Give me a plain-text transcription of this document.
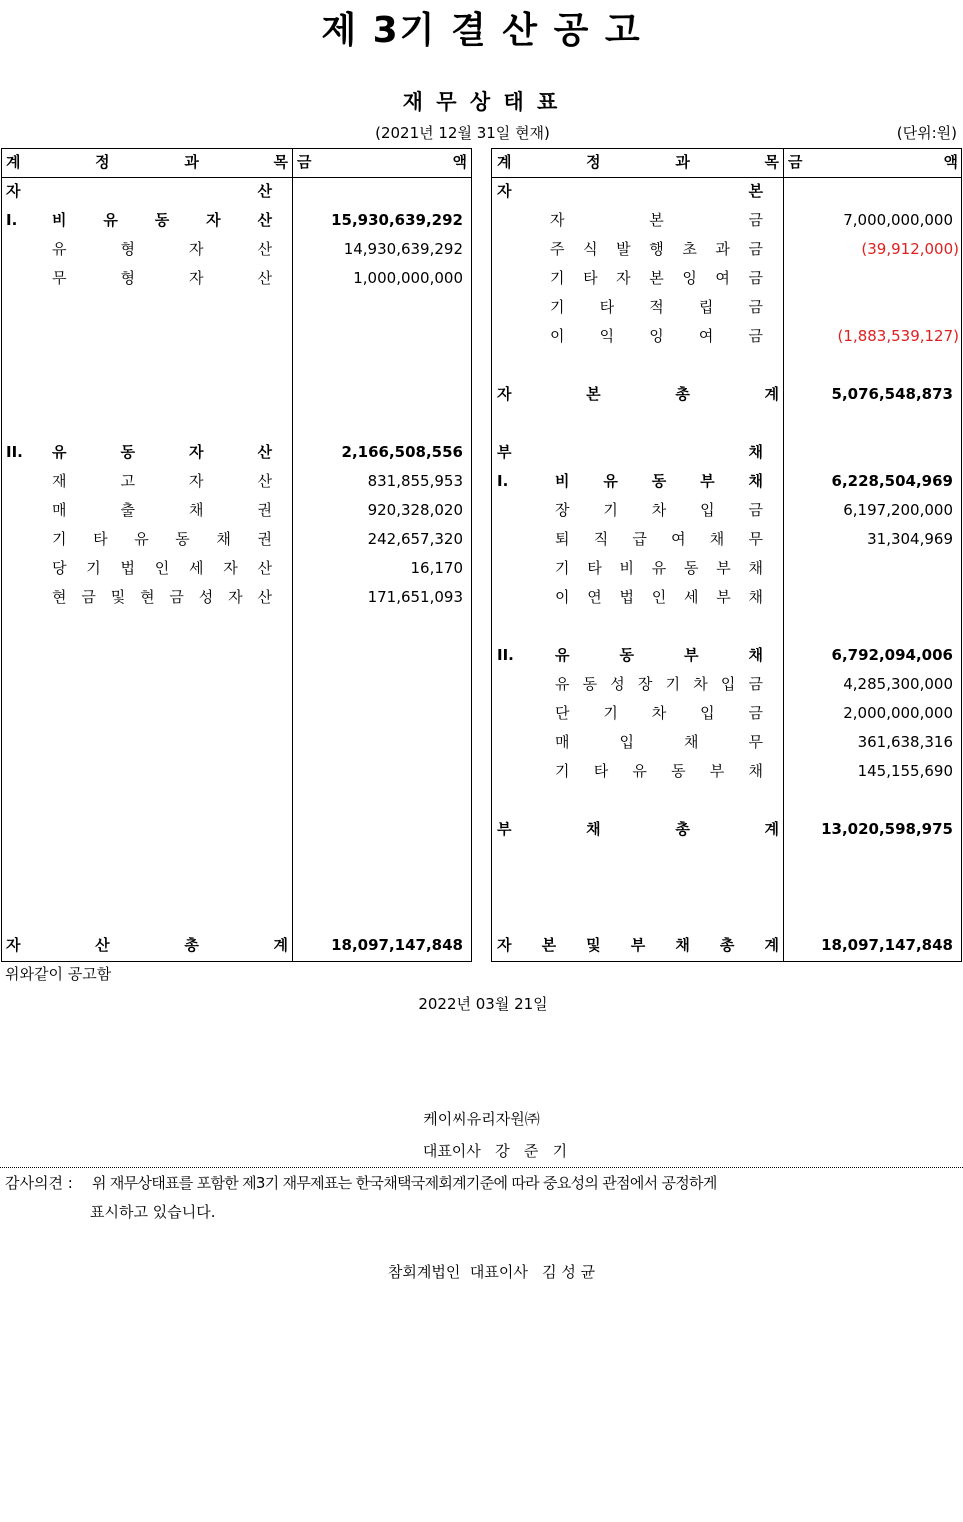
제 3기 결 산 공 고
재 무 상 태 표
(2021년 12월 31일 현재)	(단위:원)
계 정 과 목 금 액
자 산
I. 비 유 동 자 산	15,930,639,292
유 형 자 산	14,930,639,292
무 형 자 산	1,000,000,000
II. 유 동 자 산	2,166,508,556
재 고 자 산	831,855,953
매 출 채 권	920,328,020
기 타 유 동 채 권	242,657,320
당 기 법 인 세 자 산	16,170
현 금 및 현 금 성 자 산	171,651,093
자 산 총 계	18,097,147,848
계 정 과 목 금 액
자 본
자 본 금	7,000,000,000
주 식 발 행 초 과 금	(39,912,000)
기 타 자 본 잉 여 금
기 타 적 립 금
이 익 잉 여 금	(1,883,539,127)
자 본 총 계	5,076,548,873
부 채
I.	비 유 동 부 채	6,228,504,969
장 기 차 입 금	6,197,200,000
퇴 직 급 여 채 무	31,304,969
기 타 비 유 동 부 채
이 연 법 인 세 부 채
II.	유 동 부 채	6,792,094,006
유 동 성 장 기 차 입 금	4,285,300,000
단 기 차 입 금	2,000,000,000
매 입 채 무	361,638,316
기 타 유 동 부 채	145,155,690
부 채 총 계	13,020,598,975
자 본 및 부 채 총 계	18,097,147,848
위와같이 공고함
2022년 03월 21일
케이씨유리자원㈜
대표이사   강   준   기
감사의견 : 위 재무상태표를 포함한 제3기 재무제표는 한국채택국제회계기준에 따라 중요성의 관점에서 공정하게
표시하고 있습니다.
참회계법인  대표이사   김 성 균
